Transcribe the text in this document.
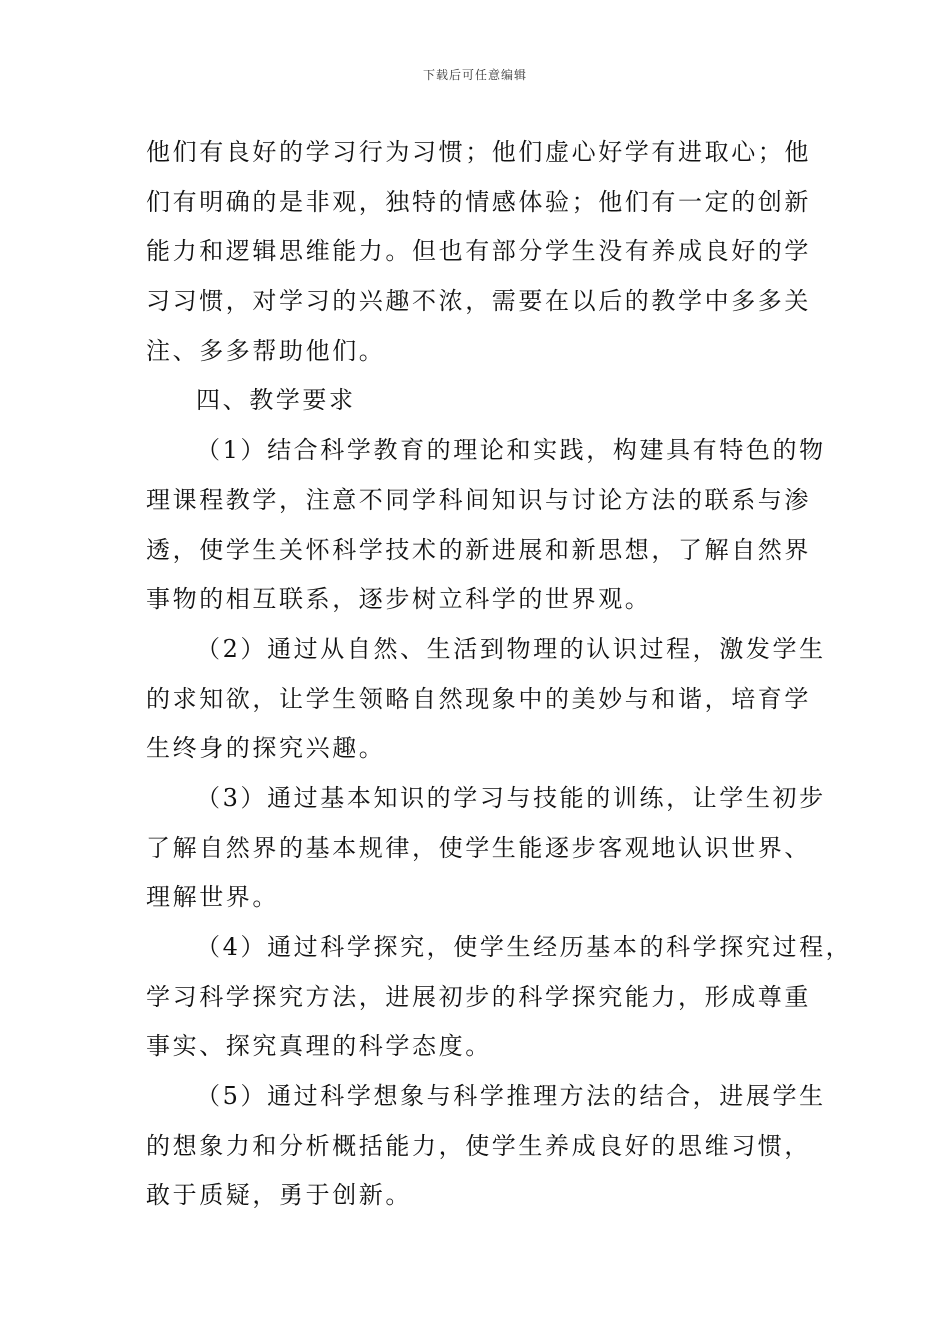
下载后可任意编辑
他们有良好的学习行为习惯；他们虚心好学有进取心；他
们有明确的是非观，独特的情感体验；他们有一定的创新
能力和逻辑思维能力。但也有部分学生没有养成良好的学
习习惯，对学习的兴趣不浓，需要在以后的教学中多多关
注、多多帮助他们。
四、教学要求
（1）结合科学教育的理论和实践，构建具有特色的物
理课程教学，注意不同学科间知识与讨论方法的联系与渗
透，使学生关怀科学技术的新进展和新思想，了解自然界
事物的相互联系，逐步树立科学的世界观。
（2）通过从自然、生活到物理的认识过程，激发学生
的求知欲，让学生领略自然现象中的美妙与和谐，培育学
生终身的探究兴趣。
（3）通过基本知识的学习与技能的训练，让学生初步
了解自然界的基本规律，使学生能逐步客观地认识世界、
理解世界。
（4）通过科学探究，使学生经历基本的科学探究过程，
学习科学探究方法，进展初步的科学探究能力，形成尊重
事实、探究真理的科学态度。
（5）通过科学想象与科学推理方法的结合，进展学生
的想象力和分析概括能力，使学生养成良好的思维习惯，
敢于质疑，勇于创新。
